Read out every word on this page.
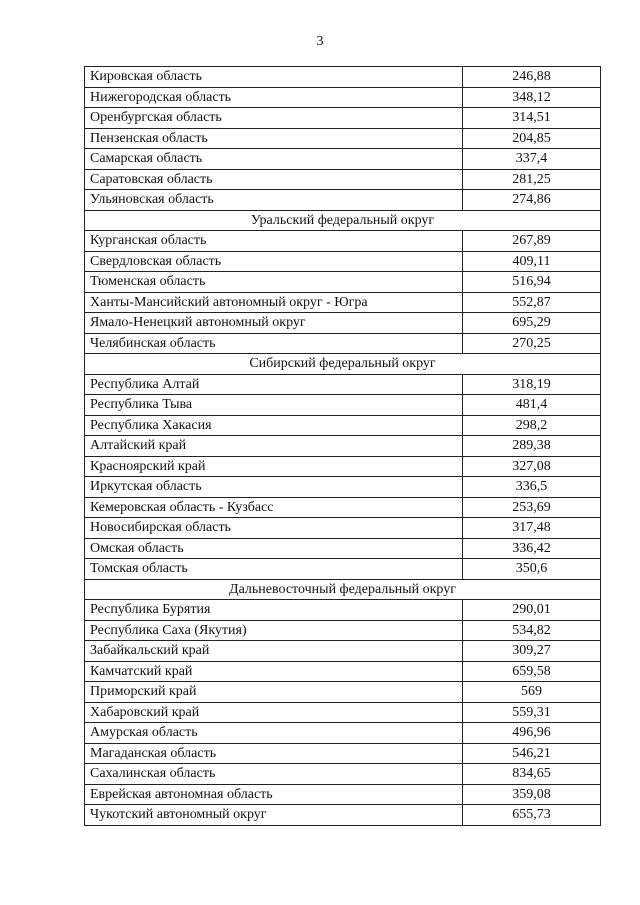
3
Кировская область	246,88
Нижегородская область	348,12
Оренбургская область	314,51
Пензенская область	204,85
Самарская область	337,4
Саратовская область	281,25
Ульяновская область	274,86
Уральский федеральный округ	
Курганская область	267,89
Свердловская область	409,11
Тюменская область	516,94
Ханты-Мансийский автономный округ - Югра	552,87
Ямало-Ненецкий автономный округ	695,29
Челябинская область	270,25
Сибирский федеральный округ	
Республика Алтай	318,19
Республика Тыва	481,4
Республика Хакасия	298,2
Алтайский край	289,38
Красноярский край	327,08
Иркутская область	336,5
Кемеровская область - Кузбасс	253,69
Новосибирская область	317,48
Омская область	336,42
Томская область	350,6
Дальневосточный федеральный округ	
Республика Бурятия	290,01
Республика Саха (Якутия)	534,82
Забайкальский край	309,27
Камчатский край	659,58
Приморский край	569
Хабаровский край	559,31
Амурская область	496,96
Магаданская область	546,21
Сахалинская область	834,65
Еврейская автономная область	359,08
Чукотский автономный округ	655,73
